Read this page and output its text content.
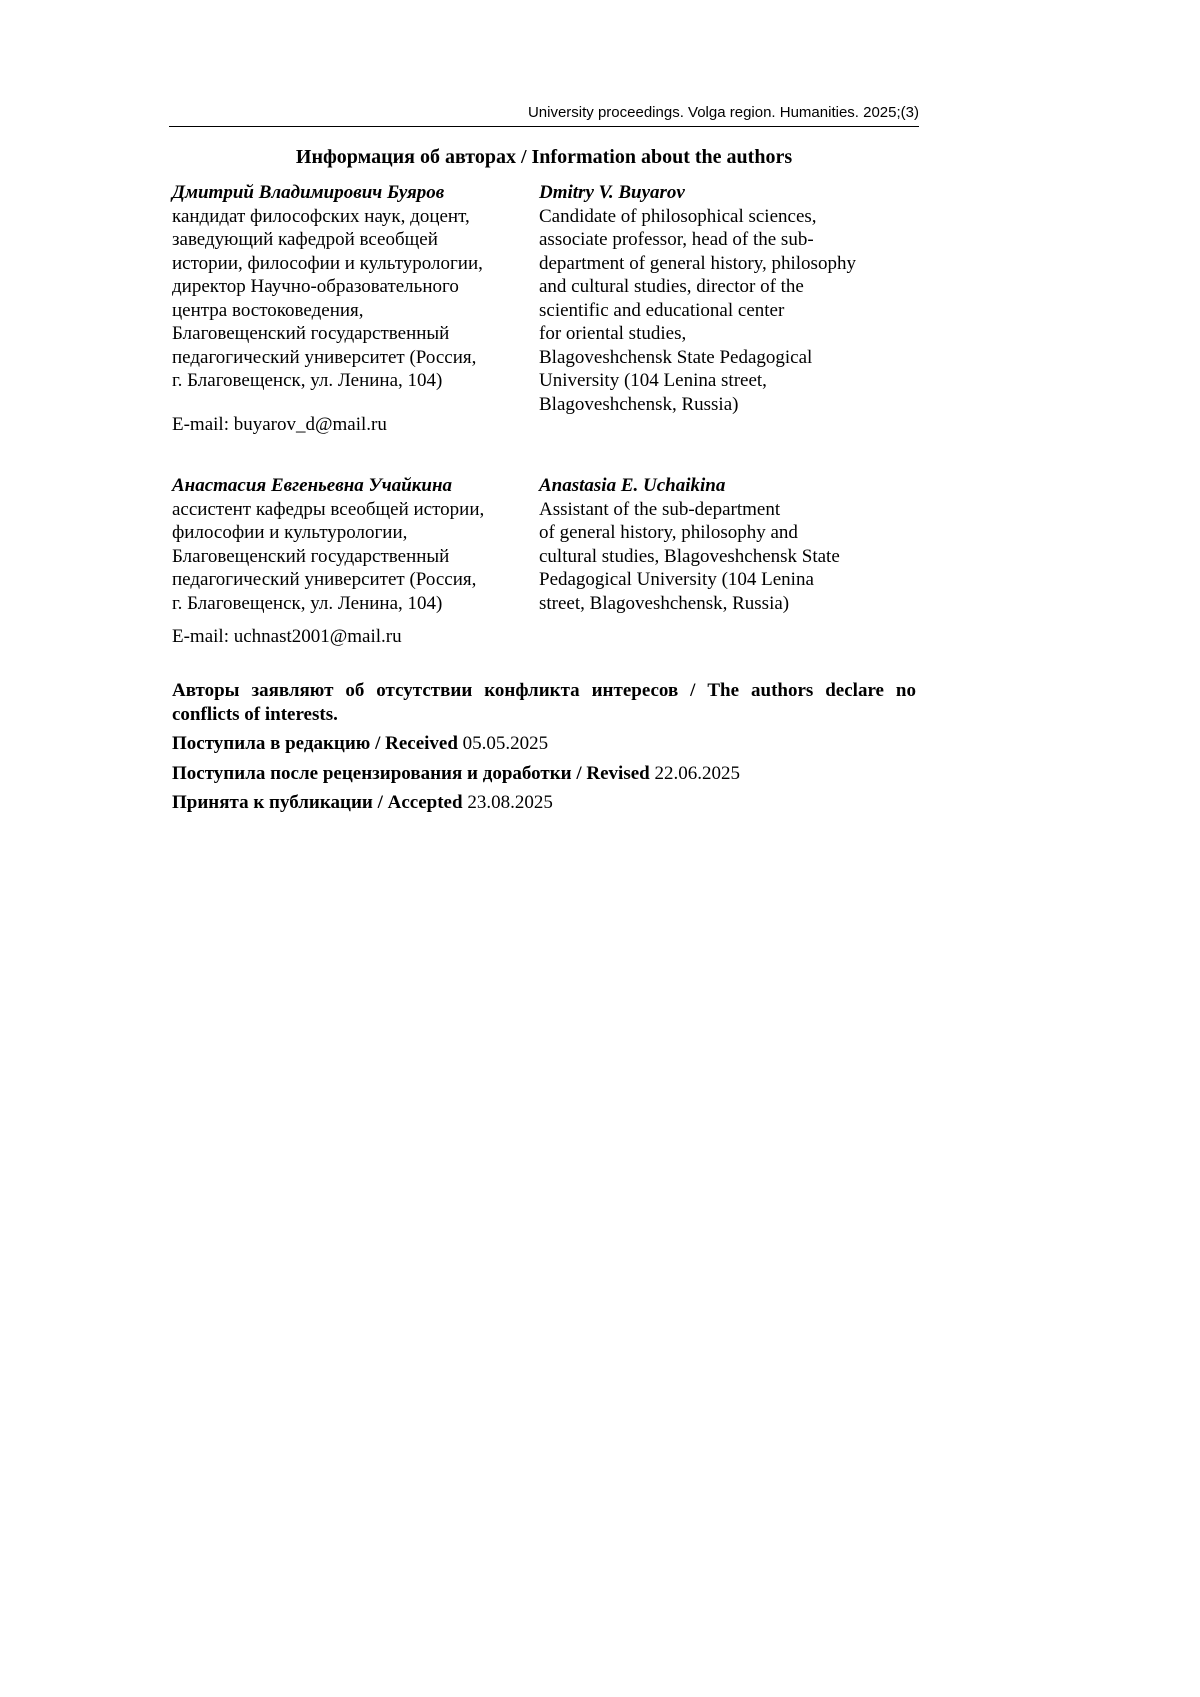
University proceedings. Volga region. Humanities. 2025;(3)
Информация об авторах / Information about the authors
Дмитрий Владимирович Буяров
кандидат философских наук, доцент,
заведующий кафедрой всеобщей
истории, философии и культурологии,
директор Научно-образовательного
центра востоковедения,
Благовещенский государственный
педагогический университет (Россия,
г. Благовещенск, ул. Ленина, 104)
Dmitry V. Buyarov
Candidate of philosophical sciences,
associate professor, head of the sub-
department of general history, philosophy
and cultural studies, director of the
scientific and educational center
for oriental studies,
Blagoveshchensk State Pedagogical
University (104 Lenina street,
Blagoveshchensk, Russia)
E-mail: buyarov_d@mail.ru
Анастасия Евгеньевна Учайкина
ассистент кафедры всеобщей истории,
философии и культурологии,
Благовещенский государственный
педагогический университет (Россия,
г. Благовещенск, ул. Ленина, 104)
Anastasia E. Uchaikina
Assistant of the sub-department
of general history, philosophy and
cultural studies, Blagoveshchensk State
Pedagogical University (104 Lenina
street, Blagoveshchensk, Russia)
E-mail: uchnast2001@mail.ru
Авторы заявляют об отсутствии конфликта интересов / The authors declare no conflicts of interests.
Поступила в редакцию / Received 05.05.2025
Поступила после рецензирования и доработки / Revised 22.06.2025
Принята к публикации / Accepted 23.08.2025
